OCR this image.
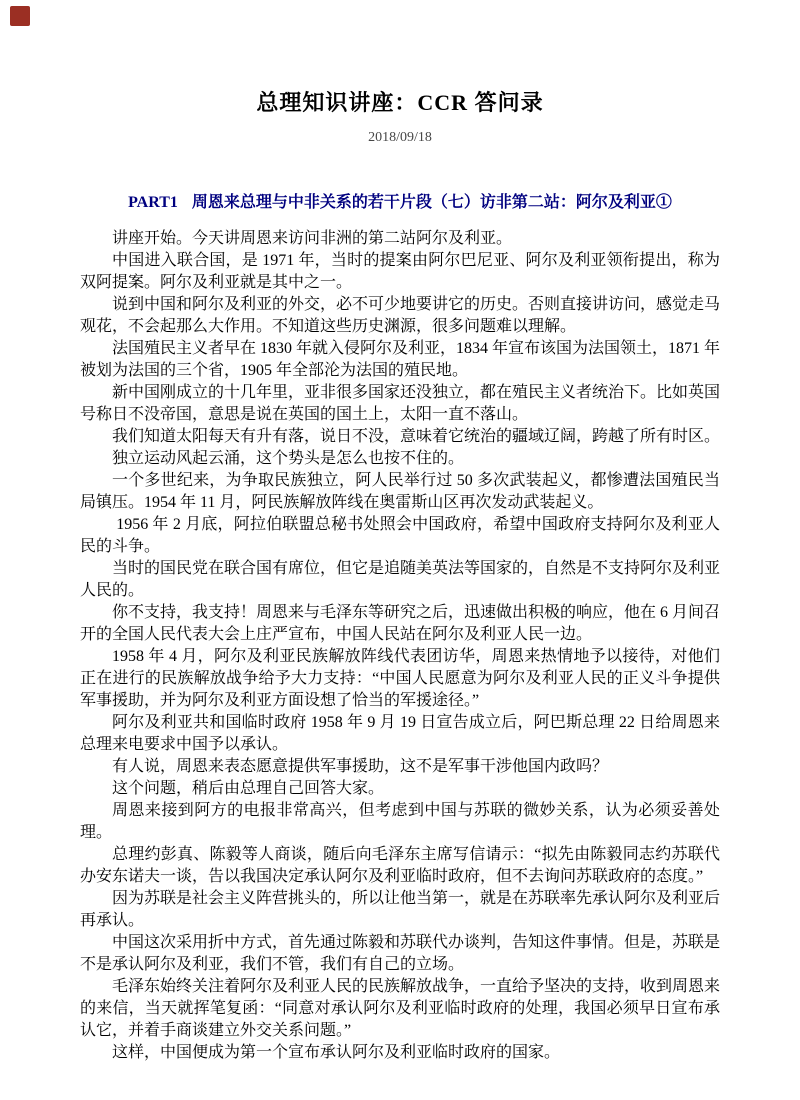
总理知识讲座：CCR 答问录
2018/09/18
PART1 周恩来总理与中非关系的若干片段（七）访非第二站：阿尔及利亚①

讲座开始。今天讲周恩来访问非洲的第二站阿尔及利亚。

中国进入联合国，是 1971 年，当时的提案由阿尔巴尼亚、阿尔及利亚领衔提出，称为双阿提案。阿尔及利亚就是其中之一。

说到中国和阿尔及利亚的外交，必不可少地要讲它的历史。否则直接讲访问，感觉走马观花，不会起那么大作用。不知道这些历史渊源，很多问题难以理解。

法国殖民主义者早在 1830 年就入侵阿尔及利亚，1834 年宣布该国为法国领土，1871 年被划为法国的三个省，1905 年全部沦为法国的殖民地。

新中国刚成立的十几年里，亚非很多国家还没独立，都在殖民主义者统治下。比如英国号称日不没帝国，意思是说在英国的国土上，太阳一直不落山。

我们知道太阳每天有升有落，说日不没，意味着它统治的疆域辽阔，跨越了所有时区。

独立运动风起云涌，这个势头是怎么也按不住的。

一个多世纪来，为争取民族独立，阿人民举行过 50 多次武装起义，都惨遭法国殖民当局镇压。1954 年 11 月，阿民族解放阵线在奥雷斯山区再次发动武装起义。

1956 年 2 月底，阿拉伯联盟总秘书处照会中国政府，希望中国政府支持阿尔及利亚人民的斗争。

当时的国民党在联合国有席位，但它是追随美英法等国家的，自然是不支持阿尔及利亚人民的。

你不支持，我支持！周恩来与毛泽东等研究之后，迅速做出积极的响应，他在 6 月间召开的全国人民代表大会上庄严宣布，中国人民站在阿尔及利亚人民一边。

1958 年 4 月，阿尔及利亚民族解放阵线代表团访华，周恩来热情地予以接待，对他们正在进行的民族解放战争给予大力支持：“中国人民愿意为阿尔及利亚人民的正义斗争提供军事援助，并为阿尔及利亚方面设想了恰当的军援途径。”

阿尔及利亚共和国临时政府 1958 年 9 月 19 日宣告成立后，阿巴斯总理 22 日给周恩来总理来电要求中国予以承认。

有人说，周恩来表态愿意提供军事援助，这不是军事干涉他国内政吗？

这个问题，稍后由总理自己回答大家。

周恩来接到阿方的电报非常高兴，但考虑到中国与苏联的微妙关系，认为必须妥善处理。

总理约彭真、陈毅等人商谈，随后向毛泽东主席写信请示：“拟先由陈毅同志约苏联代办安东诺夫一谈，告以我国决定承认阿尔及利亚临时政府，但不去询问苏联政府的态度。”

因为苏联是社会主义阵营挑头的，所以让他当第一，就是在苏联率先承认阿尔及利亚后再承认。

中国这次采用折中方式，首先通过陈毅和苏联代办谈判，告知这件事情。但是，苏联是不是承认阿尔及利亚，我们不管，我们有自己的立场。

毛泽东始终关注着阿尔及利亚人民的民族解放战争，一直给予坚决的支持，收到周恩来的来信，当天就挥笔复函：“同意对承认阿尔及利亚临时政府的处理，我国必须早日宣布承认它，并着手商谈建立外交关系问题。”

这样，中国便成为第一个宣布承认阿尔及利亚临时政府的国家。
